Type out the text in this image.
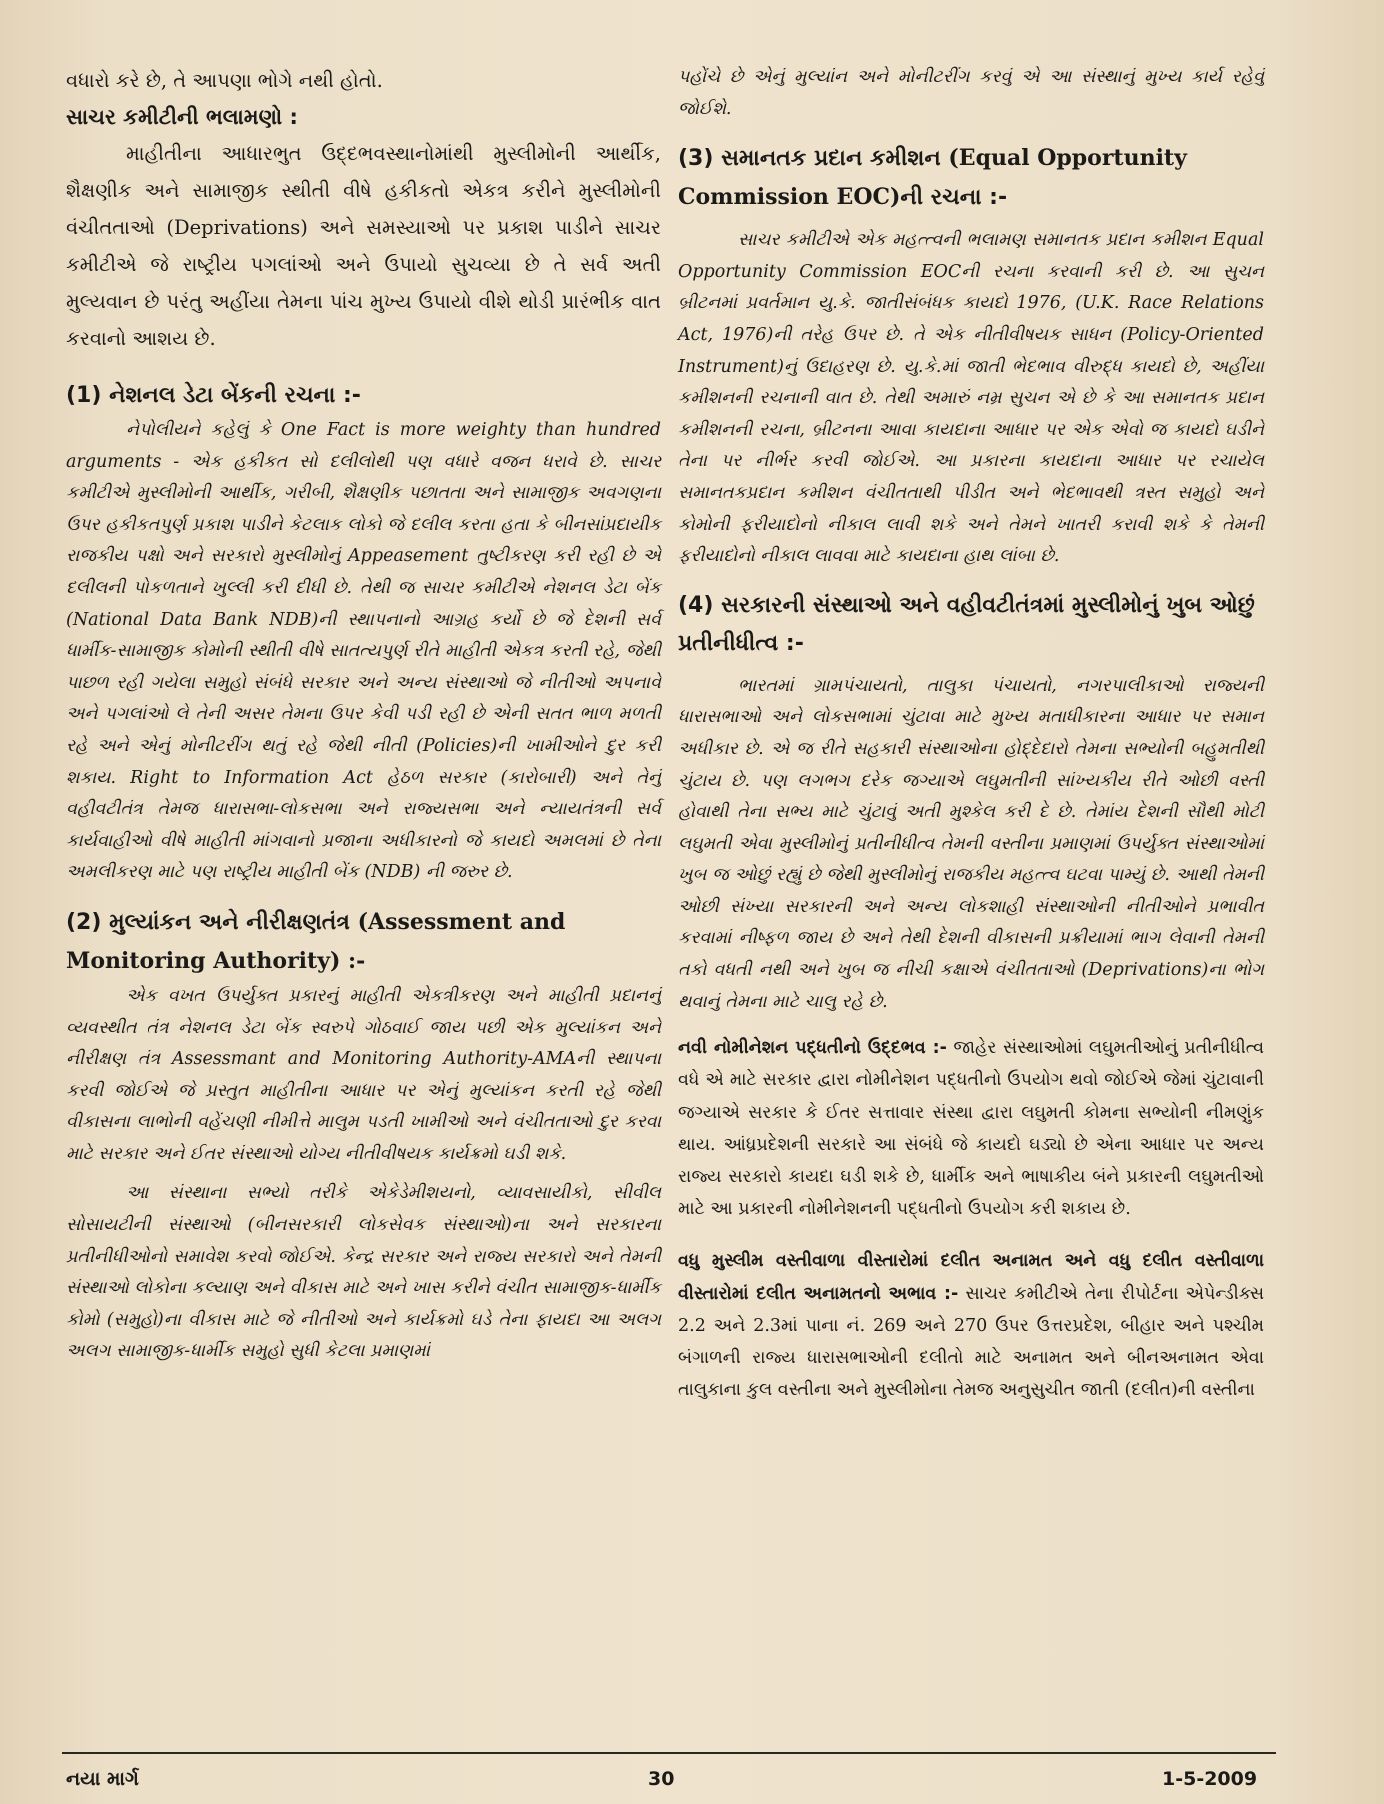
વધારો કરે છે, તે આપણા ભોગે નથી હોતો.

સાચર કમીટીની ભલામણો :

માહીતીના આધારભુત ઉદ્દભવસ્થાનોમાંથી મુસ્લીમોની આર્થીક, શૈક્ષણીક અને સામાજીક સ્થીતી વીષે હકીકતો એકત્ર કરીને મુસ્લીમોની વંચીતતાઓ (Deprivations) અને સમસ્યાઓ પર પ્રકાશ પાડીને સાચર કમીટીએ જે રાષ્ટ્રીય પગલાંઓ અને ઉપાયો સુચવ્યા છે તે સર્વ અતી મુલ્યવાન છે પરંતુ અહીંયા તેમના પાંચ મુખ્ય ઉપાયો વીશે થોડી પ્રારંભીક વાત કરવાનો આશય છે.

(1) નેશનલ ડેટા બેંકની રચના :-

નેપોલીયને કહેલું કે One Fact is more weighty than hundred arguments - એક હકીકત સો દલીલોથી પણ વધારે વજન ધરાવે છે. સાચર કમીટીએ મુસ્લીમોની આર્થીક, ગરીબી, શૈક્ષણીક પછાતતા અને સામાજીક અવગણના ઉપર હકીકતપુર્ણ પ્રકાશ પાડીને કેટલાક લોકો જે દલીલ કરતા હતા કે બીનસાંપ્રદાયીક રાજકીય પક્ષો અને સરકારો મુસ્લીમોનું Appeasement તુષ્ટીકરણ કરી રહી છે એ દલીલની પોકળતાને ખુલ્લી કરી દીધી છે. તેથી જ સાચર કમીટીએ નેશનલ ડેટા બેંક (National Data Bank NDB)ની સ્થાપનાનો આગ્રહ કર્યો છે જે દેશની સર્વ ધાર્મીક-સામાજીક કોમોની સ્થીતી વીષે સાતત્યપુર્ણ રીતે માહીતી એકત્ર કરતી રહે, જેથી પાછળ રહી ગયેલા સમુહો સંબંધે સરકાર અને અન્ય સંસ્થાઓ જે નીતીઓ અપનાવે અને પગલાંઓ લે તેની અસર તેમના ઉપર કેવી પડી રહી છે એની સતત ભાળ મળતી રહે અને એનું મોનીટરીંગ થતું રહે જેથી નીતી (Policies)ની ખામીઓને દુર કરી શકાય. Right to Information Act હેઠળ સરકાર (કારોબારી) અને તેનું વહીવટીતંત્ર તેમજ ધારાસભા-લોકસભા અને રાજ્યસભા અને ન્યાયતંત્રની સર્વ કાર્યવાહીઓ વીષે માહીતી માંગવાનો પ્રજાના અધીકારનો જે કાયદો અમલમાં છે તેના અમલીકરણ માટે પણ રાષ્ટ્રીય માહીતી બેંક (NDB) ની જરુર છે.

(2) મુલ્યાંકન અને નીરીક્ષણતંત્ર (Assessment and Monitoring Authority) :-

એક વખત ઉપર્યુક્ત પ્રકારનું માહીતી એકત્રીકરણ અને માહીતી પ્રદાનનું વ્યવસ્થીત તંત્ર નેશનલ ડેટા બેંક સ્વરુપે ગોઠવાઈ જાય પછી એક મુલ્યાંકન અને નીરીક્ષણ તંત્ર Assessmant and Monitoring Authority-AMAની સ્થાપના કરવી જોઈએ જે પ્રસ્તુત માહીતીના આધાર પર એનું મુલ્યાંકન કરતી રહે જેથી વીકાસના લાભોની વહેંચણી નીમીત્તે માલુમ પડતી ખામીઓ અને વંચીતતાઓ દુર કરવા માટે સરકાર અને ઈતર સંસ્થાઓ યોગ્ય નીતીવીષયક કાર્યક્રમો ઘડી શકે.

આ સંસ્થાના સભ્યો તરીકે એકેડેમીશયનો, વ્યાવસાયીકો, સીવીલ સોસાયટીની સંસ્થાઓ (બીનસરકારી લોકસેવક સંસ્થાઓ)ના અને સરકારના પ્રતીનીધીઓનો સમાવેશ કરવો જોઈએ. કેન્દ્ર સરકાર અને રાજ્ય સરકારો અને તેમની સંસ્થાઓ લોકોના કલ્યાણ અને વીકાસ માટે અને ખાસ કરીને વંચીત સામાજીક-ધાર્મીક કોમો (સમુહો)ના વીકાસ માટે જે નીતીઓ અને કાર્યક્રમો ઘડે તેના ફાયદા આ અલગ અલગ સામાજીક-ધાર્મીક સમુહો સુધી કેટલા પ્રમાણમાં

પહોંચે છે એનું મુલ્યાંન અને મોનીટરીંગ કરવું એ આ સંસ્થાનું મુખ્ય કાર્ય રહેવું જોઈશે.

(3) સમાનતક પ્રદાન કમીશન (Equal Opportunity Commission EOC)ની રચના :-

સાચર કમીટીએ એક મહત્ત્વની ભલામણ સમાનતક પ્રદાન કમીશન Equal Opportunity Commission EOCની રચના કરવાની કરી છે. આ સુચન બ્રીટનમાં પ્રવર્તમાન યુ.કે. જાતીસંબંધક કાયદો 1976, (U.K. Race Relations Act, 1976)ની તરેહ ઉપર છે. તે એક નીતીવીષયક સાધન (Policy-Oriented Instrument)નું ઉદાહરણ છે. યુ.કે.માં જાતી ભેદભાવ વીરુદ્ધ કાયદો છે, અહીંયા કમીશનની રચનાની વાત છે. તેથી અમારું નમ્ર સુચન એ છે કે આ સમાનતક પ્રદાન કમીશનની રચના, બ્રીટનના આવા કાયદાના આધાર પર એક એવો જ કાયદો ઘડીને તેના પર નીર્ભર કરવી જોઈએ. આ પ્રકારના કાયદાના આધાર પર રચાયેલ સમાનતકપ્રદાન કમીશન વંચીતતાથી પીડીત અને ભેદભાવથી ત્રસ્ત સમુહો અને કોમોની ફરીયાદોનો નીકાલ લાવી શકે અને તેમને ખાતરી કરાવી શકે કે તેમની ફરીયાદોનો નીકાલ લાવવા માટે કાયદાના હાથ લાંબા છે.

(4) સરકારની સંસ્થાઓ અને વહીવટીતંત્રમાં મુસ્લીમોનું ખુબ ઓછું પ્રતીનીધીત્વ :-

ભારતમાં ગ્રામપંચાયતો, તાલુકા પંચાયતો, નગરપાલીકાઓ રાજ્યની ધારાસભાઓ અને લોકસભામાં ચુંટાવા માટે મુખ્ય મતાધીકારના આધાર પર સમાન અધીકાર છે. એ જ રીતે સહકારી સંસ્થાઓના હોદ્દેદારો તેમના સભ્યોની બહુમતીથી ચુંટાય છે. પણ લગભગ દરેક જગ્યાએ લઘુમતીની સાંખ્યકીય રીતે ઓછી વસ્તી હોવાથી તેના સભ્ય માટે ચુંટાવું અતી મુશ્કેલ કરી દે છે. તેમાંય દેશની સૌથી મોટી લઘુમતી એવા મુસ્લીમોનું પ્રતીનીધીત્વ તેમની વસ્તીના પ્રમાણમાં ઉપર્યુક્ત સંસ્થાઓમાં ખુબ જ ઓછું રહ્યું છે જેથી મુસ્લીમોનું રાજકીય મહત્ત્વ ઘટવા પામ્યું છે. આથી તેમની ઓછી સંખ્યા સરકારની અને અન્ય લોકશાહી સંસ્થાઓની નીતીઓને પ્રભાવીત કરવામાં નીષ્ફળ જાય છે અને તેથી દેશની વીકાસની પ્રક્રીયામાં ભાગ લેવાની તેમની તકો વધતી નથી અને ખુબ જ નીચી કક્ષાએ વંચીતતાઓ (Deprivations)ના ભોગ થવાનું તેમના માટે ચાલુ રહે છે.

નવી નોમીનેશન પદ્ધતીનો ઉદ્દભવ :- જાહેર સંસ્થાઓમાં લઘુમતીઓનું પ્રતીનીધીત્વ વધે એ માટે સરકાર દ્વારા નોમીનેશન પદ્ધતીનો ઉપયોગ થવો જોઈએ જેમાં ચુંટાવાની જગ્યાએ સરકાર કે ઈતર સત્તાવાર સંસ્થા દ્વારા લઘુમતી કોમના સભ્યોની નીમણુંક થાય. આંધ્રપ્રદેશની સરકારે આ સંબંધે જે કાયદો ઘડ્યો છે એના આધાર પર અન્ય રાજ્ય સરકારો કાયદા ઘડી શકે છે, ધાર્મીક અને ભાષાકીય બંને પ્રકારની લઘુમતીઓ માટે આ પ્રકારની નોમીનેશનની પદ્ધતીનો ઉપયોગ કરી શકાય છે.

વધુ મુસ્લીમ વસ્તીવાળા વીસ્તારોમાં દલીત અનામત અને વધુ દલીત વસ્તીવાળા વીસ્તારોમાં દલીત અનામતનો અભાવ :- સાચર કમીટીએ તેના રીપોર્ટના એપેન્ડીક્સ 2.2 અને 2.3માં પાના નં. 269 અને 270 ઉપર ઉત્તરપ્રદેશ, બીહાર અને પશ્ચીમ બંગાળની રાજ્ય ધારાસભાઓની દલીતો માટે અનામત અને બીનઅનામત એવા તાલુકાના કુલ વસ્તીના અને મુસ્લીમોના તેમજ અનુસુચીત જાતી (દલીત)ની વસ્તીના

નયા માર્ગ	30	1-5-2009
